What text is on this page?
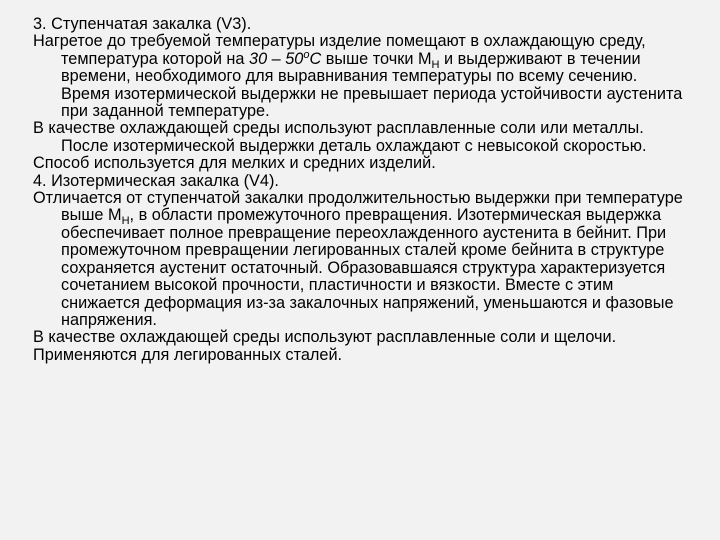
3. Ступенчатая закалка (V3).

Нагретое до требуемой температуры изделие помещают в охлаждающую среду, температура которой на 30 – 50$^o$C выше точки $М_Н$ и выдерживают в течении времени, необходимого для выравнивания температуры по всему сечению. Время изотермической выдержки не превышает периода устойчивости аустенита при заданной температуре.

В качестве охлаждающей среды используют расплавленные соли или металлы. После изотермической выдержки деталь охлаждают с невысокой скоростью.

Способ используется для мелких и средних изделий.

4. Изотермическая закалка (V4).

Отличается от ступенчатой закалки продолжительностью выдержки при температуре выше $М_Н$, в области промежуточного превращения. Изотермическая выдержка обеспечивает полное превращение переохлажденного аустенита в бейнит. При промежуточном превращении легированных сталей кроме бейнита в структуре сохраняется аустенит остаточный. Образовавшаяся структура характеризуется сочетанием высокой прочности, пластичности и вязкости. Вместе с этим снижается деформация из-за закалочных напряжений, уменьшаются и фазовые напряжения.

В качестве охлаждающей среды используют расплавленные соли и щелочи.

Применяются для легированных сталей.
